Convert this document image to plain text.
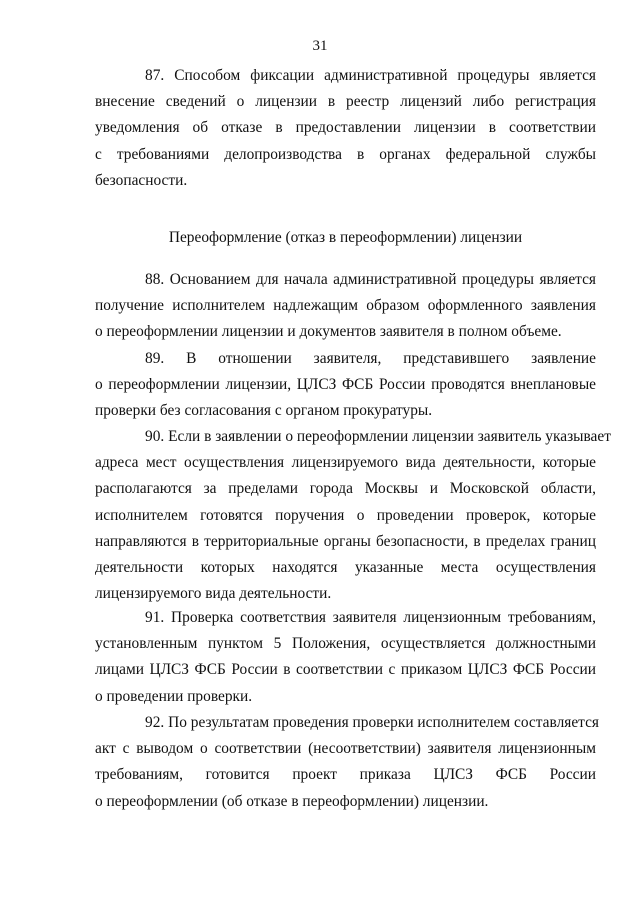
31
87. Способом фиксации административной процедуры является
внесение сведений о лицензии в реестр лицензий либо регистрация
уведомления об отказе в предоставлении лицензии в соответствии
с требованиями делопроизводства в органах федеральной службы
безопасности.
Переоформление (отказ в переоформлении) лицензии
88. Основанием для начала административной процедуры является
получение исполнителем надлежащим образом оформленного заявления
о переоформлении лицензии и документов заявителя в полном объеме.
89. В отношении заявителя, представившего заявление
о переоформлении лицензии, ЦЛСЗ ФСБ России проводятся внеплановые
проверки без согласования с органом прокуратуры.
90. Если в заявлении о переоформлении лицензии заявитель указывает
адреса мест осуществления лицензируемого вида деятельности, которые
располагаются за пределами города Москвы и Московской области,
исполнителем готовятся поручения о проведении проверок, которые
направляются в территориальные органы безопасности, в пределах границ
деятельности которых находятся указанные места осуществления
лицензируемого вида деятельности.
91. Проверка соответствия заявителя лицензионным требованиям,
установленным пунктом 5 Положения, осуществляется должностными
лицами ЦЛСЗ ФСБ России в соответствии с приказом ЦЛСЗ ФСБ России
о проведении проверки.
92. По результатам проведения проверки исполнителем составляется
акт с выводом о соответствии (несоответствии) заявителя лицензионным
требованиям, готовится проект приказа ЦЛСЗ ФСБ России
о переоформлении (об отказе в переоформлении) лицензии.
